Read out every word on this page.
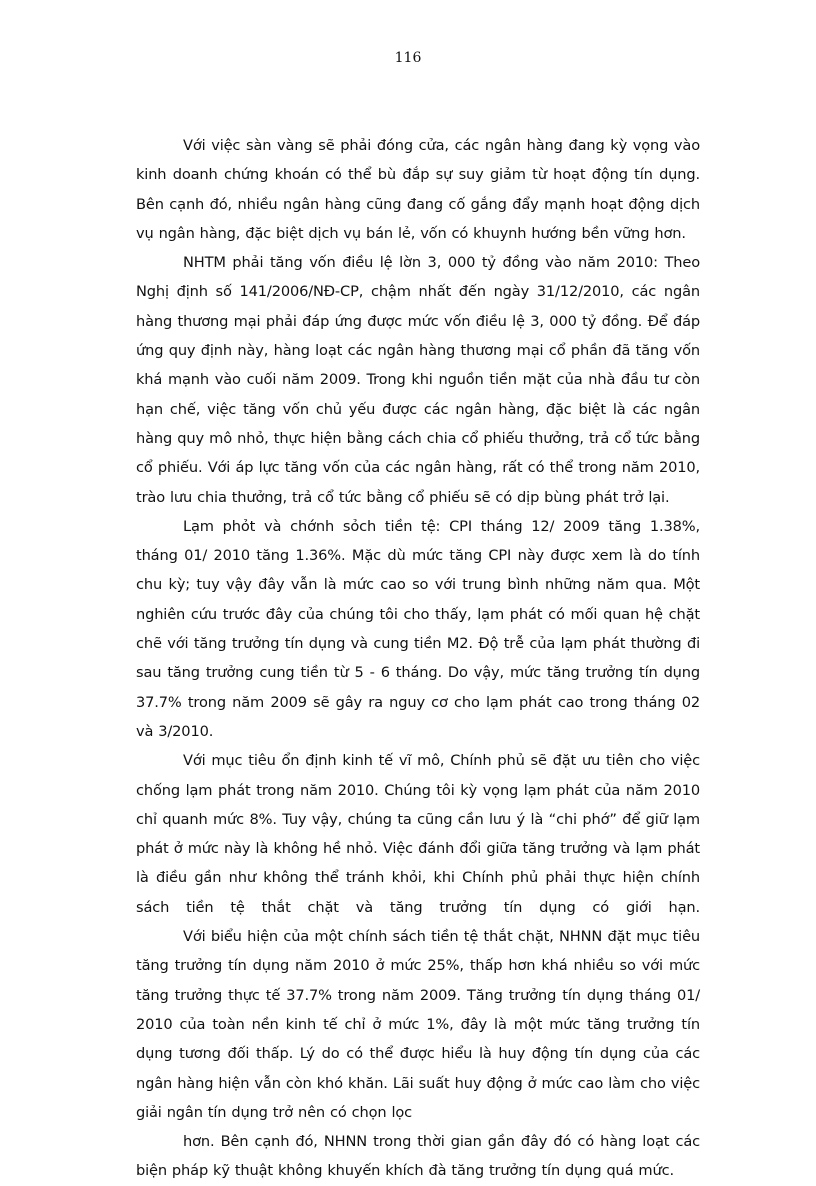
116

Với việc sàn vàng sẽ phải đóng cửa, các ngân hàng đang kỳ vọng vào kinh doanh chứng khoán có thể bù đắp sự suy giảm từ hoạt động tín dụng. Bên cạnh đó, nhiều ngân hàng cũng đang cố gắng đẩy mạnh hoạt động dịch vụ ngân hàng, đặc biệt dịch vụ bán lẻ, vốn có khuynh hướng bền vững hơn.

NHTM phải tăng vốn điều lệ lờn 3, 000 tỷ đồng vào năm 2010: Theo Nghị định số 141/2006/NĐ-CP, chậm nhất đến ngày 31/12/2010, các ngân hàng thương mại phải đáp ứng được mức vốn điều lệ 3, 000 tỷ đồng. Để đáp ứng quy định này, hàng loạt các ngân hàng thương mại cổ phần đã tăng vốn khá mạnh vào cuối năm 2009. Trong khi nguồn tiền mặt của nhà đầu tư còn hạn chế, việc tăng vốn chủ yếu được các ngân hàng, đặc biệt là các ngân hàng quy mô nhỏ, thực hiện bằng cách chia cổ phiếu thưởng, trả cổ tức bằng cổ phiếu. Với áp lực tăng vốn của các ngân hàng, rất có thể trong năm 2010, trào lưu chia thưởng, trả cổ tức bằng cổ phiếu sẽ có dịp bùng phát trở lại.

Lạm phỏt và chớnh sỏch tiền tệ: CPI tháng 12/ 2009 tăng 1.38%, tháng 01/ 2010 tăng 1.36%. Mặc dù mức tăng CPI này được xem là do tính chu kỳ; tuy vậy đây vẫn là mức cao so với trung bình những năm qua. Một nghiên cứu trước đây của chúng tôi cho thấy, lạm phát có mối quan hệ chặt chẽ với tăng trưởng tín dụng và cung tiền M2. Độ trễ của lạm phát thường đi sau tăng trưởng cung tiền từ 5 - 6 tháng. Do vậy, mức tăng trưởng tín dụng 37.7% trong năm 2009 sẽ gây ra nguy cơ cho lạm phát cao trong tháng 02 và 3/2010.

Với mục tiêu ổn định kinh tế vĩ mô, Chính phủ sẽ đặt ưu tiên cho việc chống lạm phát trong năm 2010. Chúng tôi kỳ vọng lạm phát của năm 2010 chỉ quanh mức 8%. Tuy vậy, chúng ta cũng cần lưu ý là “chi phớ” để giữ lạm phát ở mức này là không hề nhỏ. Việc đánh đổi giữa tăng trưởng và lạm phát là điều gần như không thể tránh khỏi, khi Chính phủ phải thực hiện chính sách tiền tệ thắt chặt và tăng trưởng tín dụng có giới hạn.

Với biểu hiện của một chính sách tiền tệ thắt chặt, NHNN đặt mục tiêu tăng trưởng tín dụng năm 2010 ở mức 25%, thấp hơn khá nhiều so với mức tăng trưởng thực tế 37.7% trong năm 2009. Tăng trưởng tín dụng tháng 01/ 2010 của toàn nền kinh tế chỉ ở mức 1%, đây là một mức tăng trưởng tín dụng tương đối thấp. Lý do có thể được hiểu là huy động tín dụng của các ngân hàng hiện vẫn còn khó khăn. Lãi suất huy động ở mức cao làm cho việc giải ngân tín dụng trở nên có chọn lọc

hơn. Bên cạnh đó, NHNN trong thời gian gần đây đó có hàng loạt các biện pháp kỹ thuật không khuyến khích đà tăng trưởng tín dụng quá mức.
